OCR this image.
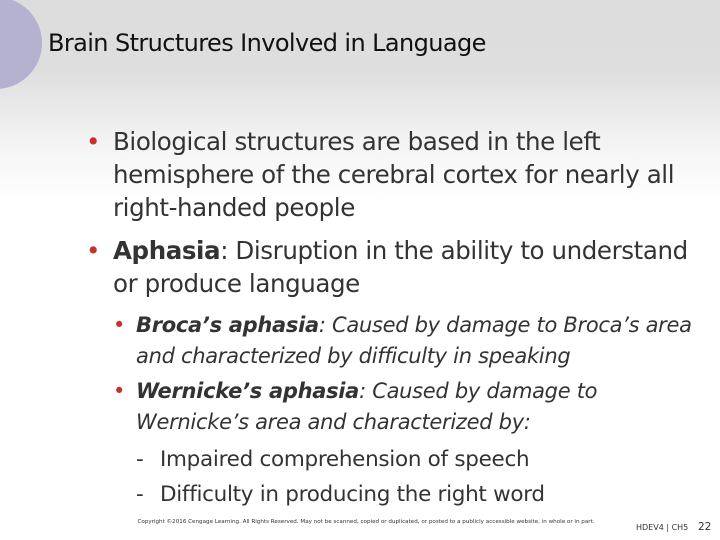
Brain Structures Involved in Language
• Biological structures are based in the left hemisphere of the cerebral cortex for nearly all right-handed people
• Aphasia: Disruption in the ability to understand or produce language
• Broca’s aphasia: Caused by damage to Broca’s area and characterized by difficulty in speaking
• Wernicke’s aphasia: Caused by damage to Wernicke’s area and characterized by:
- Impaired comprehension of speech
- Difficulty in producing the right word
Copyright ©2016 Cengage Learning. All Rights Reserved. May not be scanned, copied or duplicated, or posted to a publicly accessible website, in whole or in part.
HDEV4 | CH5 22
